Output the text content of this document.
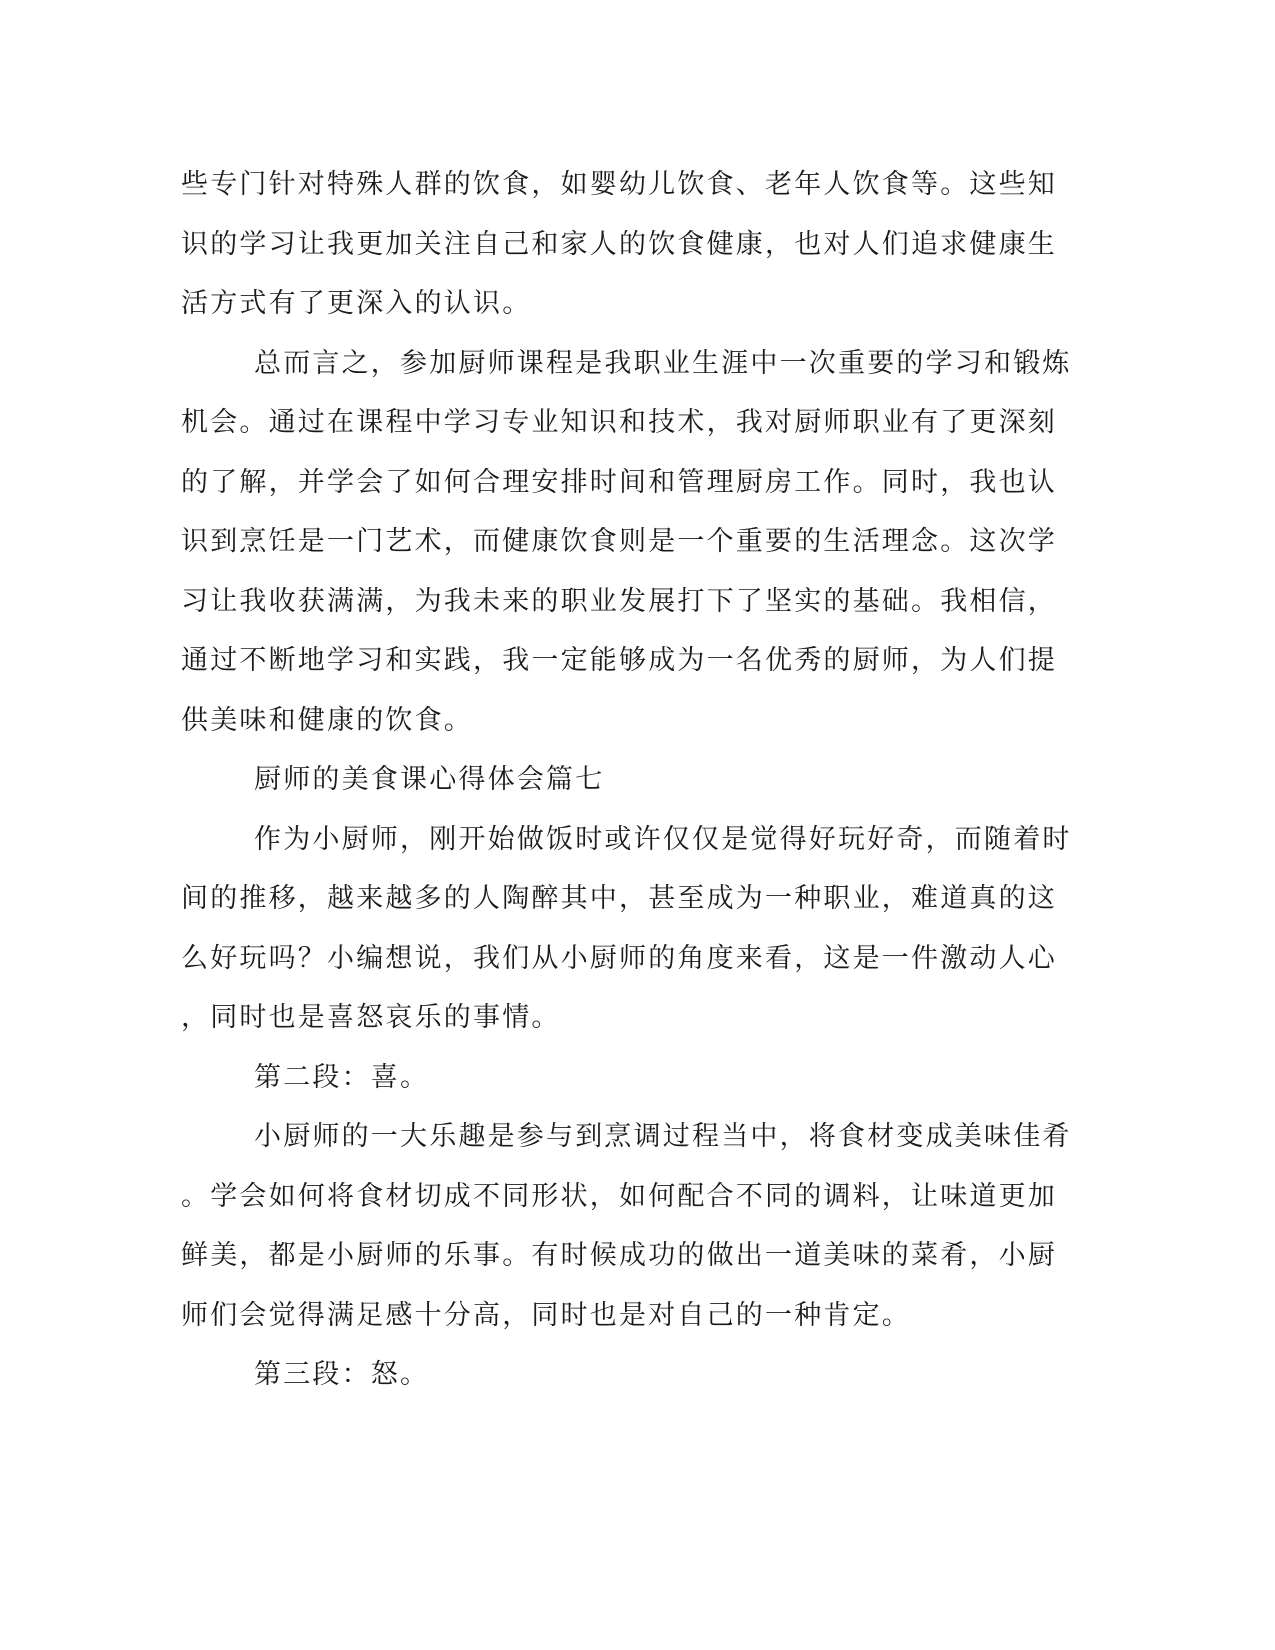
些专门针对特殊人群的饮食，如婴幼儿饮食、老年人饮食等。这些知
识的学习让我更加关注自己和家人的饮食健康，也对人们追求健康生
活方式有了更深入的认识。
总而言之，参加厨师课程是我职业生涯中一次重要的学习和锻炼
机会。通过在课程中学习专业知识和技术，我对厨师职业有了更深刻
的了解，并学会了如何合理安排时间和管理厨房工作。同时，我也认
识到烹饪是一门艺术，而健康饮食则是一个重要的生活理念。这次学
习让我收获满满，为我未来的职业发展打下了坚实的基础。我相信，
通过不断地学习和实践，我一定能够成为一名优秀的厨师，为人们提
供美味和健康的饮食。
厨师的美食课心得体会篇七
作为小厨师，刚开始做饭时或许仅仅是觉得好玩好奇，而随着时
间的推移，越来越多的人陶醉其中，甚至成为一种职业，难道真的这
么好玩吗？小编想说，我们从小厨师的角度来看，这是一件激动人心
，同时也是喜怒哀乐的事情。
第二段：喜。
小厨师的一大乐趣是参与到烹调过程当中，将食材变成美味佳肴
。学会如何将食材切成不同形状，如何配合不同的调料，让味道更加
鲜美，都是小厨师的乐事。有时候成功的做出一道美味的菜肴，小厨
师们会觉得满足感十分高，同时也是对自己的一种肯定。
第三段：怒。
